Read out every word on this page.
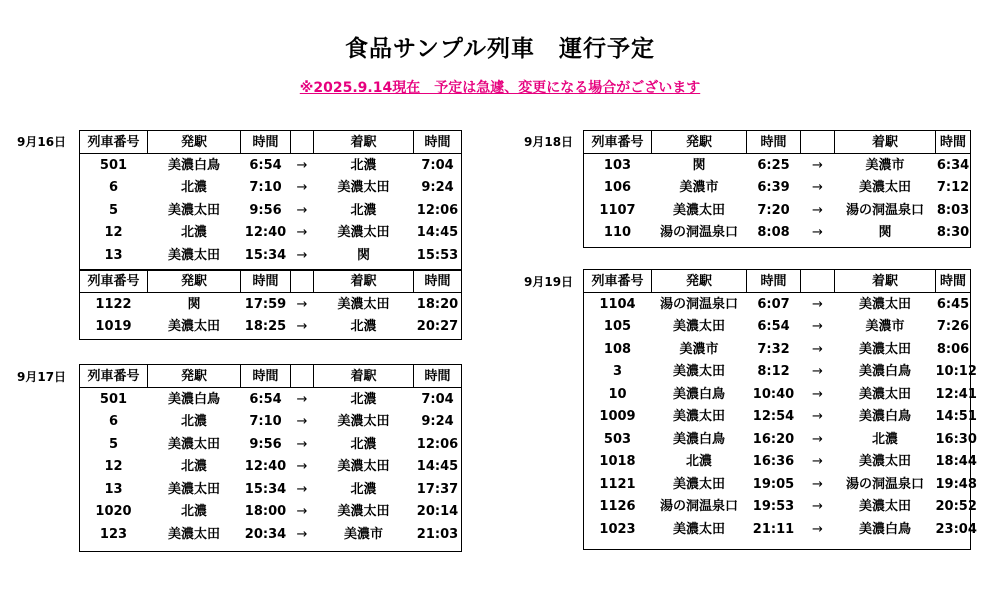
食品サンプル列車　運行予定
※2025.9.14現在　予定は急遽、変更になる場合がございます
9月16日 列車番号	発駅	時間		着駅	時間
501	美濃白鳥	6:54	→	北濃	7:04
6	北濃	7:10	→	美濃太田	9:24
5	美濃太田	9:56	→	北濃	12:06
12	北濃	12:40	→	美濃太田	14:45
13	美濃太田	15:34	→	関	15:53
列車番号	発駅	時間		着駅	時間
1122	関	17:59	→	美濃太田	18:20
1019	美濃太田	18:25	→	北濃	20:27
9月17日 列車番号	発駅	時間		着駅	時間
501	美濃白鳥	6:54	→	北濃	7:04
6	北濃	7:10	→	美濃太田	9:24
5	美濃太田	9:56	→	北濃	12:06
12	北濃	12:40	→	美濃太田	14:45
13	美濃太田	15:34	→	北濃	17:37
1020	北濃	18:00	→	美濃太田	20:14
123	美濃太田	20:34	→	美濃市	21:03
9月18日 列車番号	発駅	時間		着駅	時間
103	関	6:25	→	美濃市	6:34
106	美濃市	6:39	→	美濃太田	7:12
1107	美濃太田	7:20	→	湯の洞温泉口	8:03
110	湯の洞温泉口	8:08	→	関	8:30
9月19日 列車番号	発駅	時間		着駅	時間
1104	湯の洞温泉口	6:07	→	美濃太田	6:45
105	美濃太田	6:54	→	美濃市	7:26
108	美濃市	7:32	→	美濃太田	8:06
3	美濃太田	8:12	→	美濃白鳥	10:12
10	美濃白鳥	10:40	→	美濃太田	12:41
1009	美濃太田	12:54	→	美濃白鳥	14:51
503	美濃白鳥	16:20	→	北濃	16:30
1018	北濃	16:36	→	美濃太田	18:44
1121	美濃太田	19:05	→	湯の洞温泉口	19:48
1126	湯の洞温泉口	19:53	→	美濃太田	20:52
1023	美濃太田	21:11	→	美濃白鳥	23:04
